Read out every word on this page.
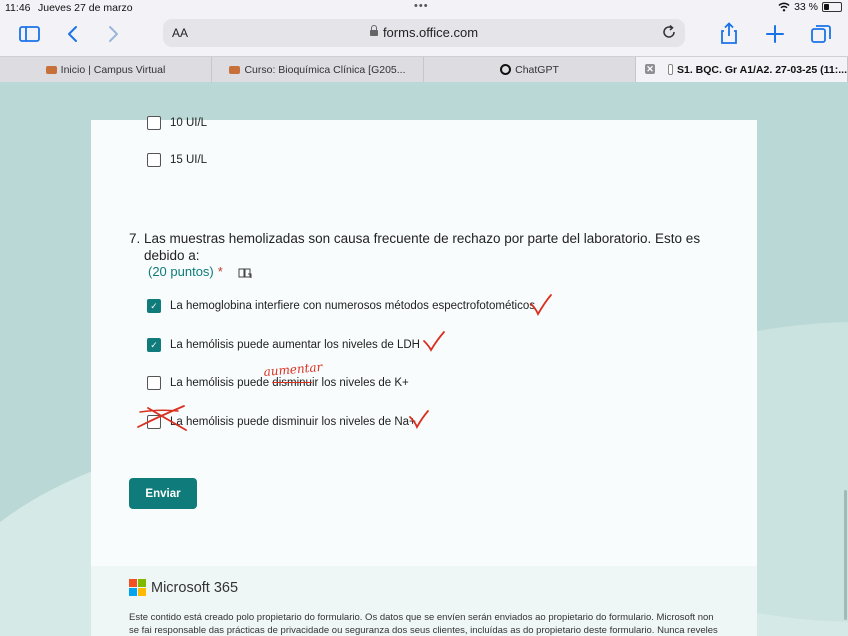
11:46 Jueves 27 de marzo	•••	33 %
AA	forms.office.com
Inicio | Campus Virtual	Curso: Bioquímica Clínica [G205...	ChatGPT	✕ S1. BQC. Gr A1/A2. 27-03-25 (11:...
10 UI/L
15 UI/L
7. Las muestras hemolizadas son causa frecuente de rechazo por parte del laboratorio. Esto es debido a:
(20 puntos) *
✓ La hemoglobina interfiere con numerosos métodos espectrofotométicos
✓ La hemólisis puede aumentar los niveles de LDH
La hemólisis puede disminuir los niveles de K+
La hemólisis puede disminuir los niveles de Na+
Enviar
Microsoft 365
Este contido está creado polo propietario do formulario. Os datos que se envíen serán enviados ao propietario do formulario. Microsoft non se fai responsable das prácticas de privacidade ou seguranza dos seus clientes, incluídas as do propietario deste formulario. Nunca reveles
aumentar
